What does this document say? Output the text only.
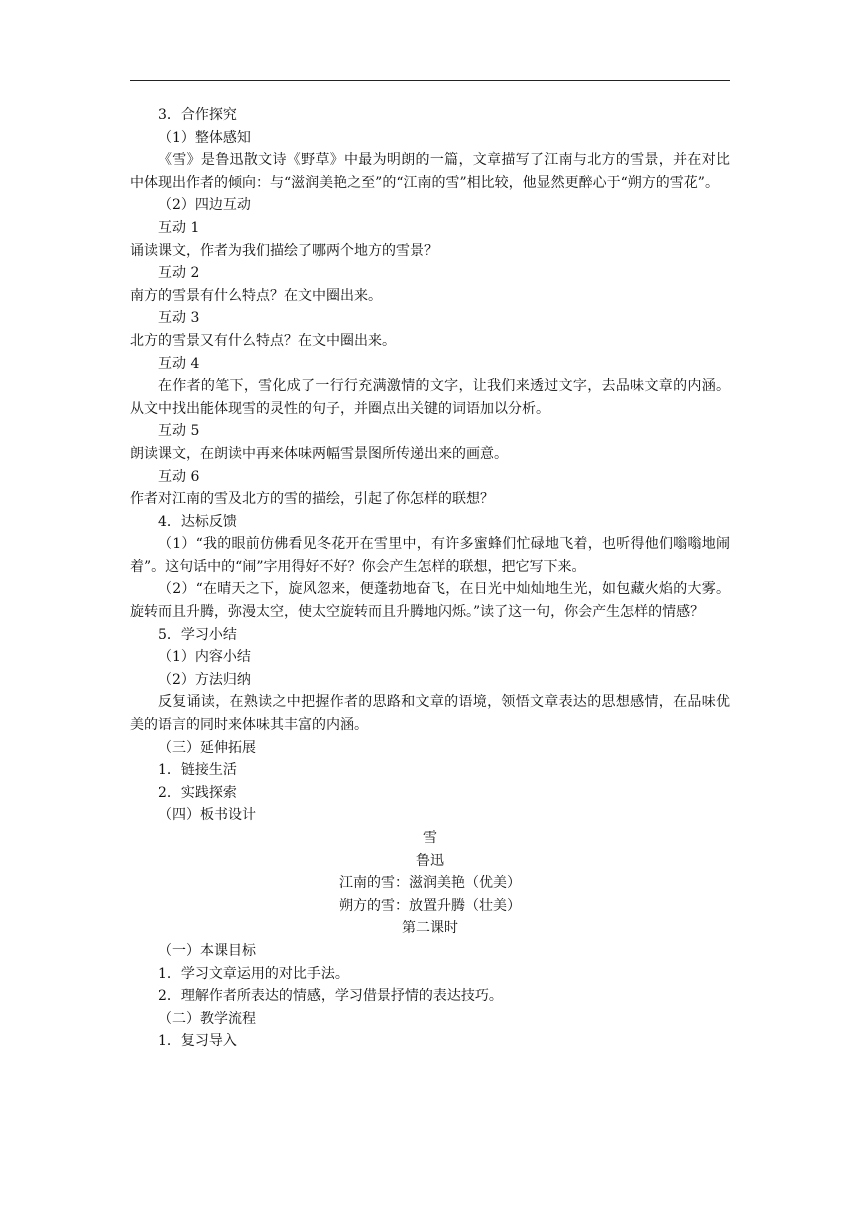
3．合作探究

（1）整体感知

《雪》是鲁迅散文诗《野草》中最为明朗的一篇，文章描写了江南与北方的雪景，并在对比中体现出作者的倾向：与“滋润美艳之至”的“江南的雪”相比较，他显然更醉心于“朔方的雪花”。

（2）四边互动

互动 1

诵读课文，作者为我们描绘了哪两个地方的雪景？

互动 2

南方的雪景有什么特点？在文中圈出来。

互动 3

北方的雪景又有什么特点？在文中圈出来。

互动 4

在作者的笔下，雪化成了一行行充满激情的文字，让我们来透过文字，去品味文章的内涵。从文中找出能体现雪的灵性的句子，并圈点出关键的词语加以分析。

互动 5

朗读课文，在朗读中再来体味两幅雪景图所传递出来的画意。

互动 6

作者对江南的雪及北方的雪的描绘，引起了你怎样的联想？

4．达标反馈

（1）“我的眼前仿佛看见冬花开在雪里中，有许多蜜蜂们忙碌地飞着，也听得他们嗡嗡地闹着”。这句话中的“闹”字用得好不好？你会产生怎样的联想，把它写下来。

（2）“在晴天之下，旋风忽来，便蓬勃地奋飞，在日光中灿灿地生光，如包藏火焰的大雾。旋转而且升腾，弥漫太空，使太空旋转而且升腾地闪烁。”读了这一句，你会产生怎样的情感？

5．学习小结

（1）内容小结

（2）方法归纳

反复诵读，在熟读之中把握作者的思路和文章的语境，领悟文章表达的思想感情，在品味优美的语言的同时来体味其丰富的内涵。

（三）延伸拓展

1．链接生活

2．实践探索

（四）板书设计

雪

鲁迅

江南的雪：滋润美艳（优美）

朔方的雪：放置升腾（壮美）

第二课时

（一）本课目标

1．学习文章运用的对比手法。

2．理解作者所表达的情感，学习借景抒情的表达技巧。

（二）教学流程

1．复习导入
